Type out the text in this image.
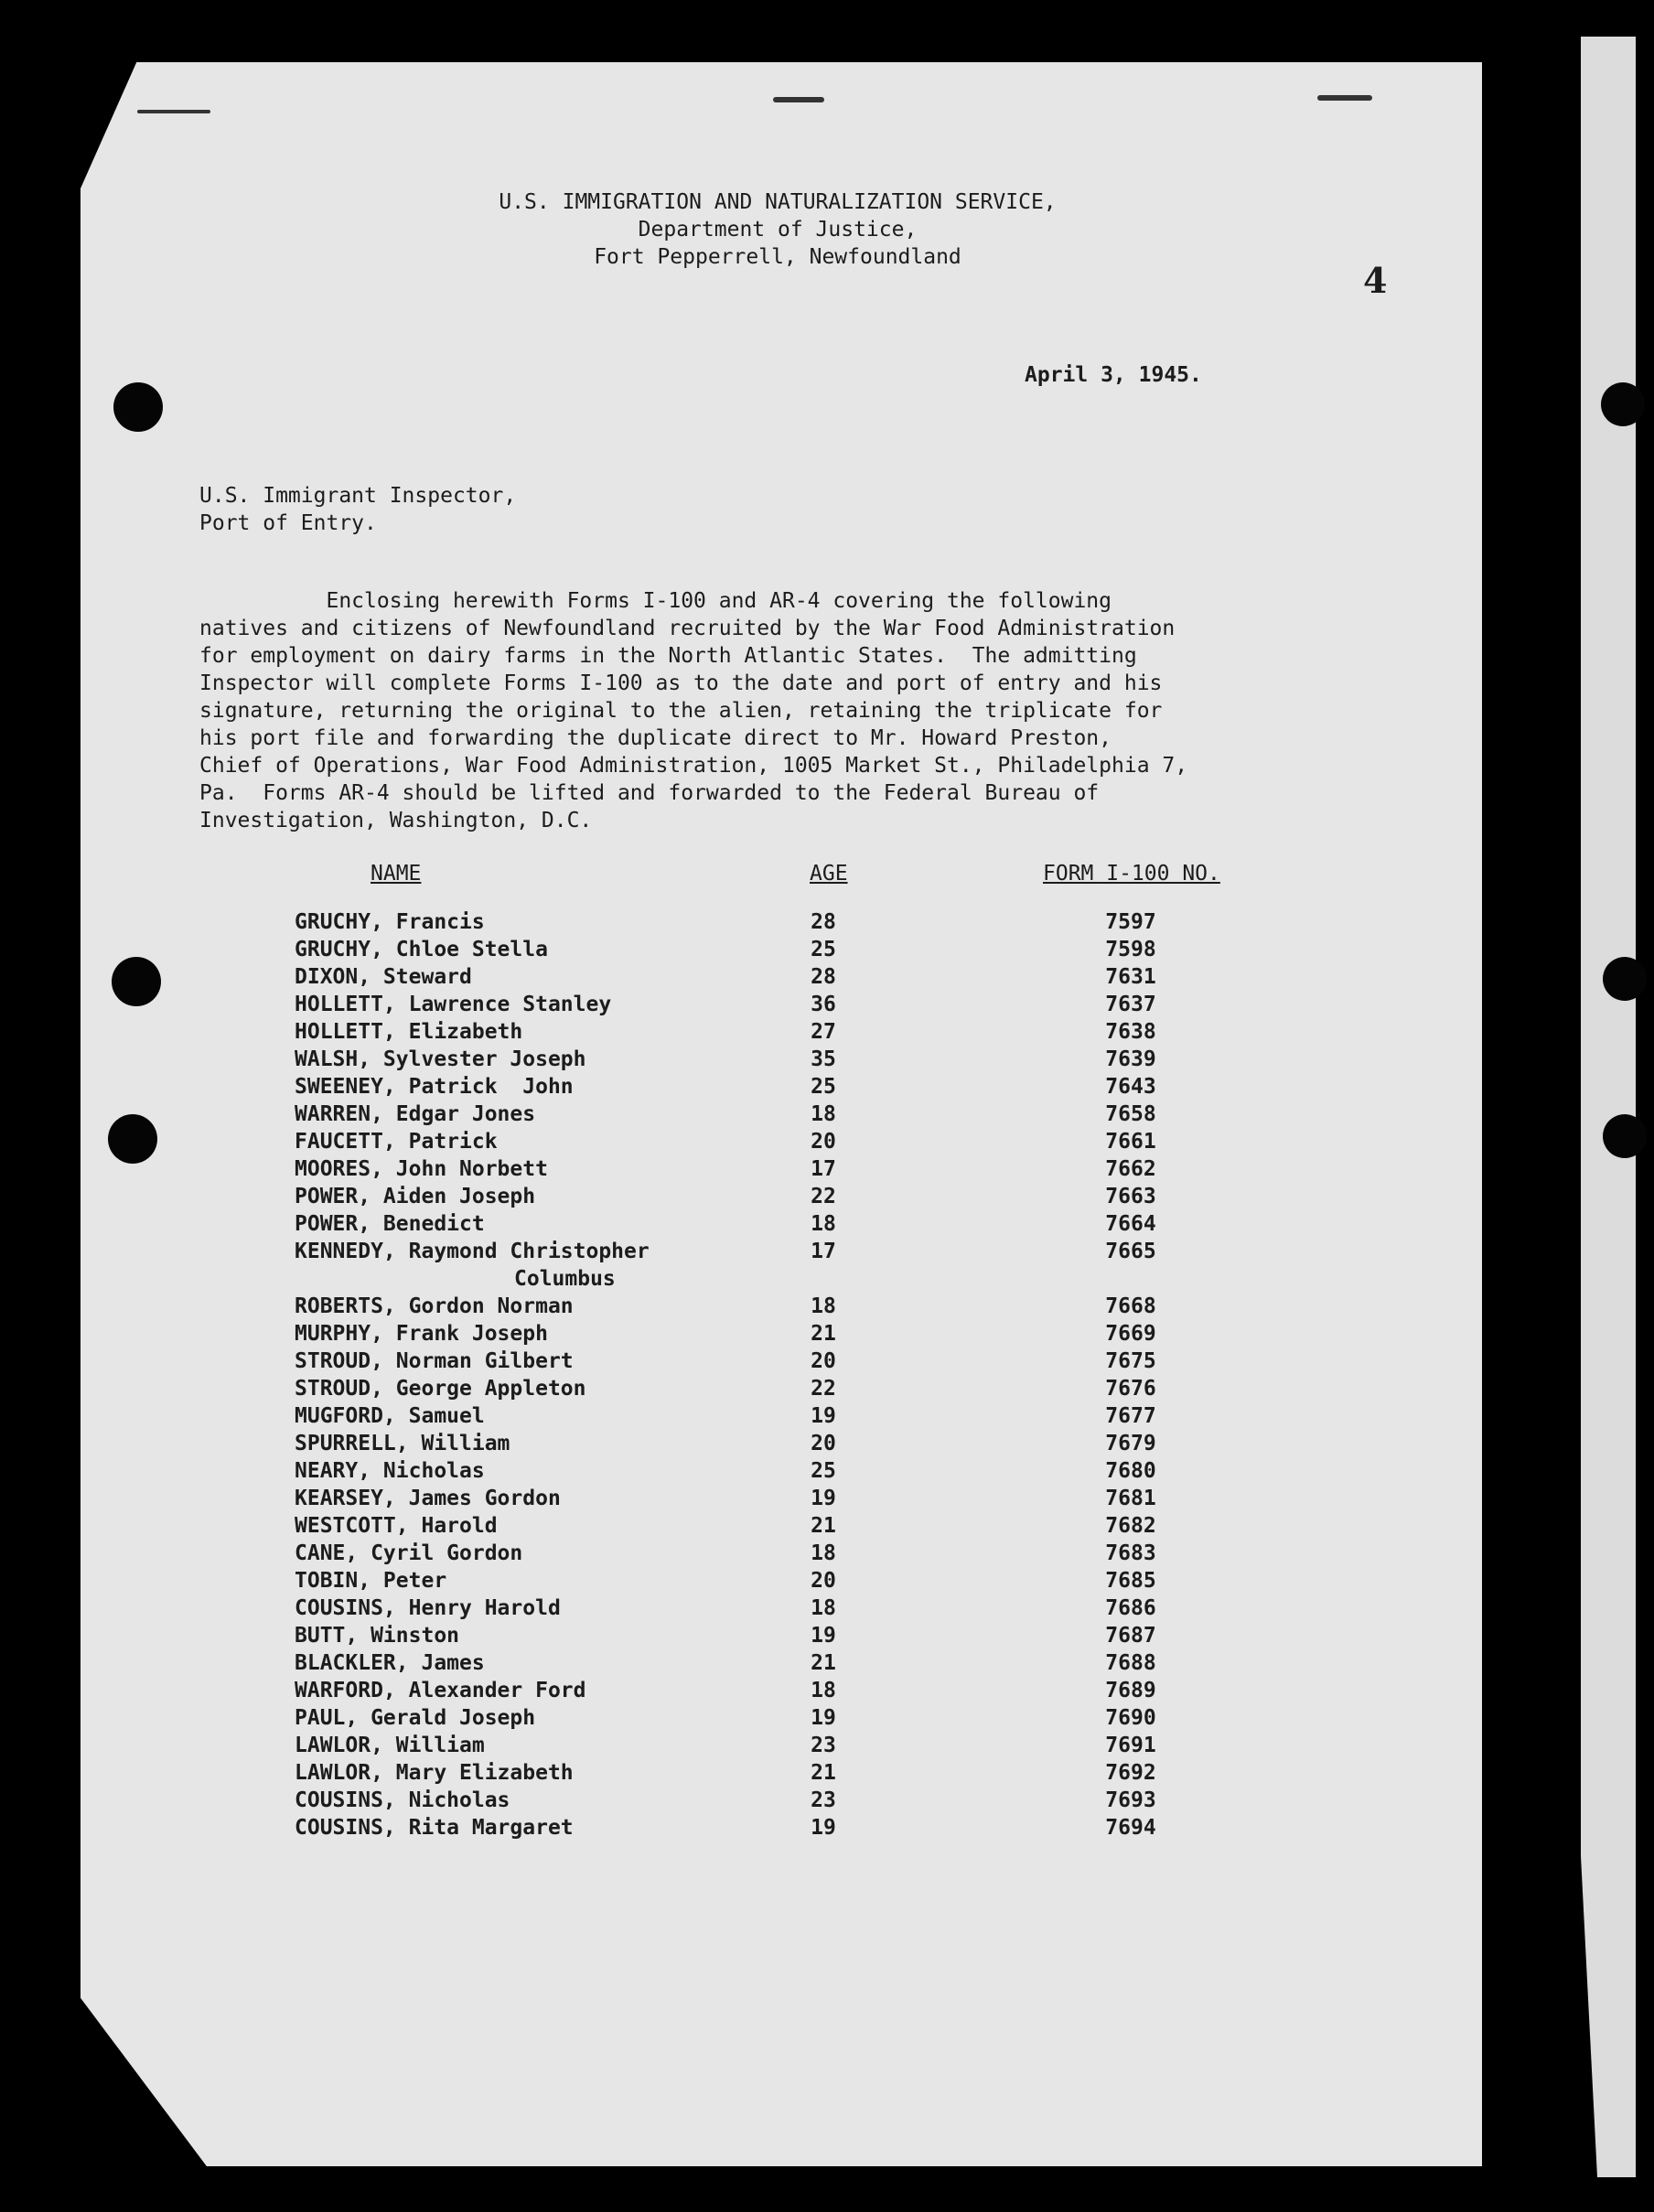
U.S. IMMIGRATION AND NATURALIZATION SERVICE,
Department of Justice,
Fort Pepperrell, Newfoundland
4
April 3, 1945.
U.S. Immigrant Inspector,
Port of Entry.
Enclosing herewith Forms I-100 and AR-4 covering the following
natives and citizens of Newfoundland recruited by the War Food Administration
for employment on dairy farms in the North Atlantic States.  The admitting
Inspector will complete Forms I-100 as to the date and port of entry and his
signature, returning the original to the alien, retaining the triplicate for
his port file and forwarding the duplicate direct to Mr. Howard Preston,
Chief of Operations, War Food Administration, 1005 Market St., Philadelphia 7,
Pa.  Forms AR-4 should be lifted and forwarded to the Federal Bureau of
Investigation, Washington, D.C.
NAME	AGE	FORM I-100 NO.
GRUCHY, Francis	28	7597
GRUCHY, Chloe Stella	25	7598
DIXON, Steward	28	7631
HOLLETT, Lawrence Stanley	36	7637
HOLLETT, Elizabeth	27	7638
WALSH, Sylvester Joseph	35	7639
SWEENEY, Patrick  John	25	7643
WARREN, Edgar Jones	18	7658
FAUCETT, Patrick	20	7661
MOORES, John Norbett	17	7662
POWER, Aiden Joseph	22	7663
POWER, Benedict	18	7664
KENNEDY, Raymond Christopher	17	7665
Columbus
ROBERTS, Gordon Norman	18	7668
MURPHY, Frank Joseph	21	7669
STROUD, Norman Gilbert	20	7675
STROUD, George Appleton	22	7676
MUGFORD, Samuel	19	7677
SPURRELL, William	20	7679
NEARY, Nicholas	25	7680
KEARSEY, James Gordon	19	7681
WESTCOTT, Harold	21	7682
CANE, Cyril Gordon	18	7683
TOBIN, Peter	20	7685
COUSINS, Henry Harold	18	7686
BUTT, Winston	19	7687
BLACKLER, James	21	7688
WARFORD, Alexander Ford	18	7689
PAUL, Gerald Joseph	19	7690
LAWLOR, William	23	7691
LAWLOR, Mary Elizabeth	21	7692
COUSINS, Nicholas	23	7693
COUSINS, Rita Margaret	19	7694
